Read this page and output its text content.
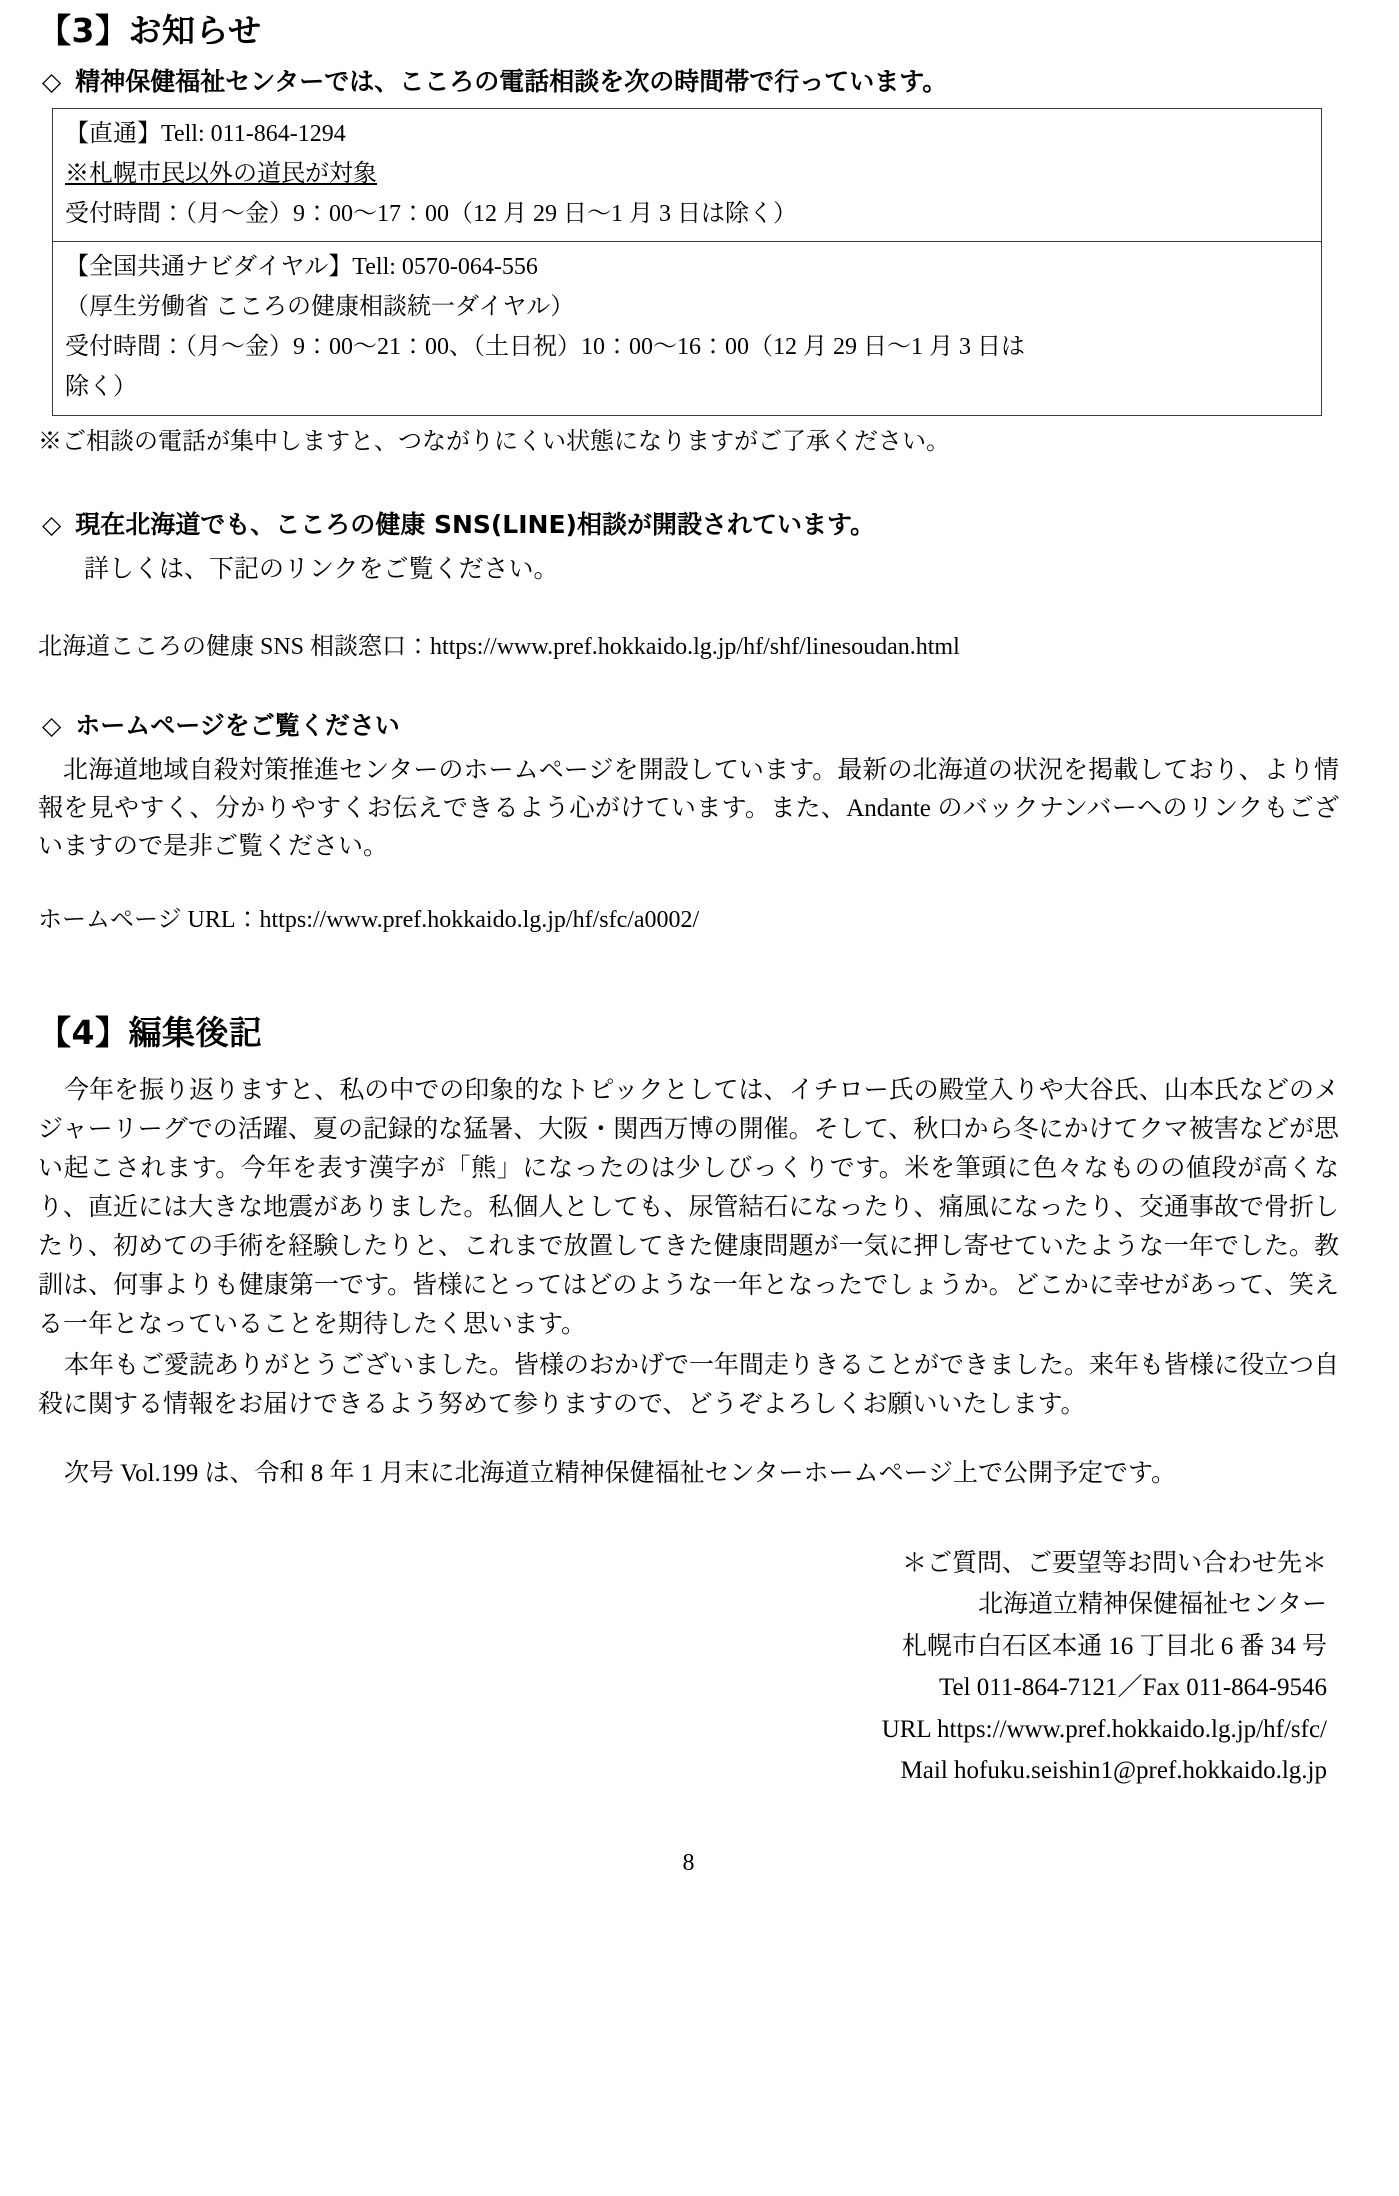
【3】お知らせ
◇ 精神保健福祉センターでは、こころの電話相談を次の時間帯で行っています。

【直通】Tell: 011-864-1294

※札幌市民以外の道民が対象

受付時間：（月〜金）9：00〜17：00（12 月 29 日〜1 月 3 日は除く）

【全国共通ナビダイヤル】Tell: 0570-064-556

（厚生労働省 こころの健康相談統一ダイヤル）

受付時間：（月〜金）9：00〜21：00、（土日祝）10：00〜16：00（12 月 29 日〜1 月 3 日は

除く）

※ご相談の電話が集中しますと、つながりにくい状態になりますがご了承ください。

◇ 現在北海道でも、こころの健康 SNS(LINE)相談が開設されています。

詳しくは、下記のリンクをご覧ください。

北海道こころの健康 SNS 相談窓口：https://www.pref.hokkaido.lg.jp/hf/shf/linesoudan.html

◇ ホームページをご覧ください

北海道地域自殺対策推進センターのホームページを開設しています。最新の北海道の状況を掲載しており、より情報を見やすく、分かりやすくお伝えできるよう心がけています。また、Andante のバックナンバーへのリンクもございますので是非ご覧ください。

ホームページ URL：https://www.pref.hokkaido.lg.jp/hf/sfc/a0002/

【4】編集後記

今年を振り返りますと、私の中での印象的なトピックとしては、イチロー氏の殿堂入りや大谷氏、山本氏などのメジャーリーグでの活躍、夏の記録的な猛暑、大阪・関西万博の開催。そして、秋口から冬にかけてクマ被害などが思い起こされます。今年を表す漢字が「熊」になったのは少しびっくりです。米を筆頭に色々なものの値段が高くなり、直近には大きな地震がありました。私個人としても、尿管結石になったり、痛風になったり、交通事故で骨折したり、初めての手術を経験したりと、これまで放置してきた健康問題が一気に押し寄せていたような一年でした。教訓は、何事よりも健康第一です。皆様にとってはどのような一年となったでしょうか。どこかに幸せがあって、笑える一年となっていることを期待したく思います。

本年もご愛読ありがとうございました。皆様のおかげで一年間走りきることができました。来年も皆様に役立つ自殺に関する情報をお届けできるよう努めて参りますので、どうぞよろしくお願いいたします。

次号 Vol.199 は、令和 8 年 1 月末に北海道立精神保健福祉センターホームページ上で公開予定です。

＊ご質問、ご要望等お問い合わせ先＊

北海道立精神保健福祉センター

札幌市白石区本通 16 丁目北 6 番 34 号

Tel 011-864-7121／Fax 011-864-9546

URL https://www.pref.hokkaido.lg.jp/hf/sfc/

Mail hofuku.seishin1@pref.hokkaido.lg.jp

8
